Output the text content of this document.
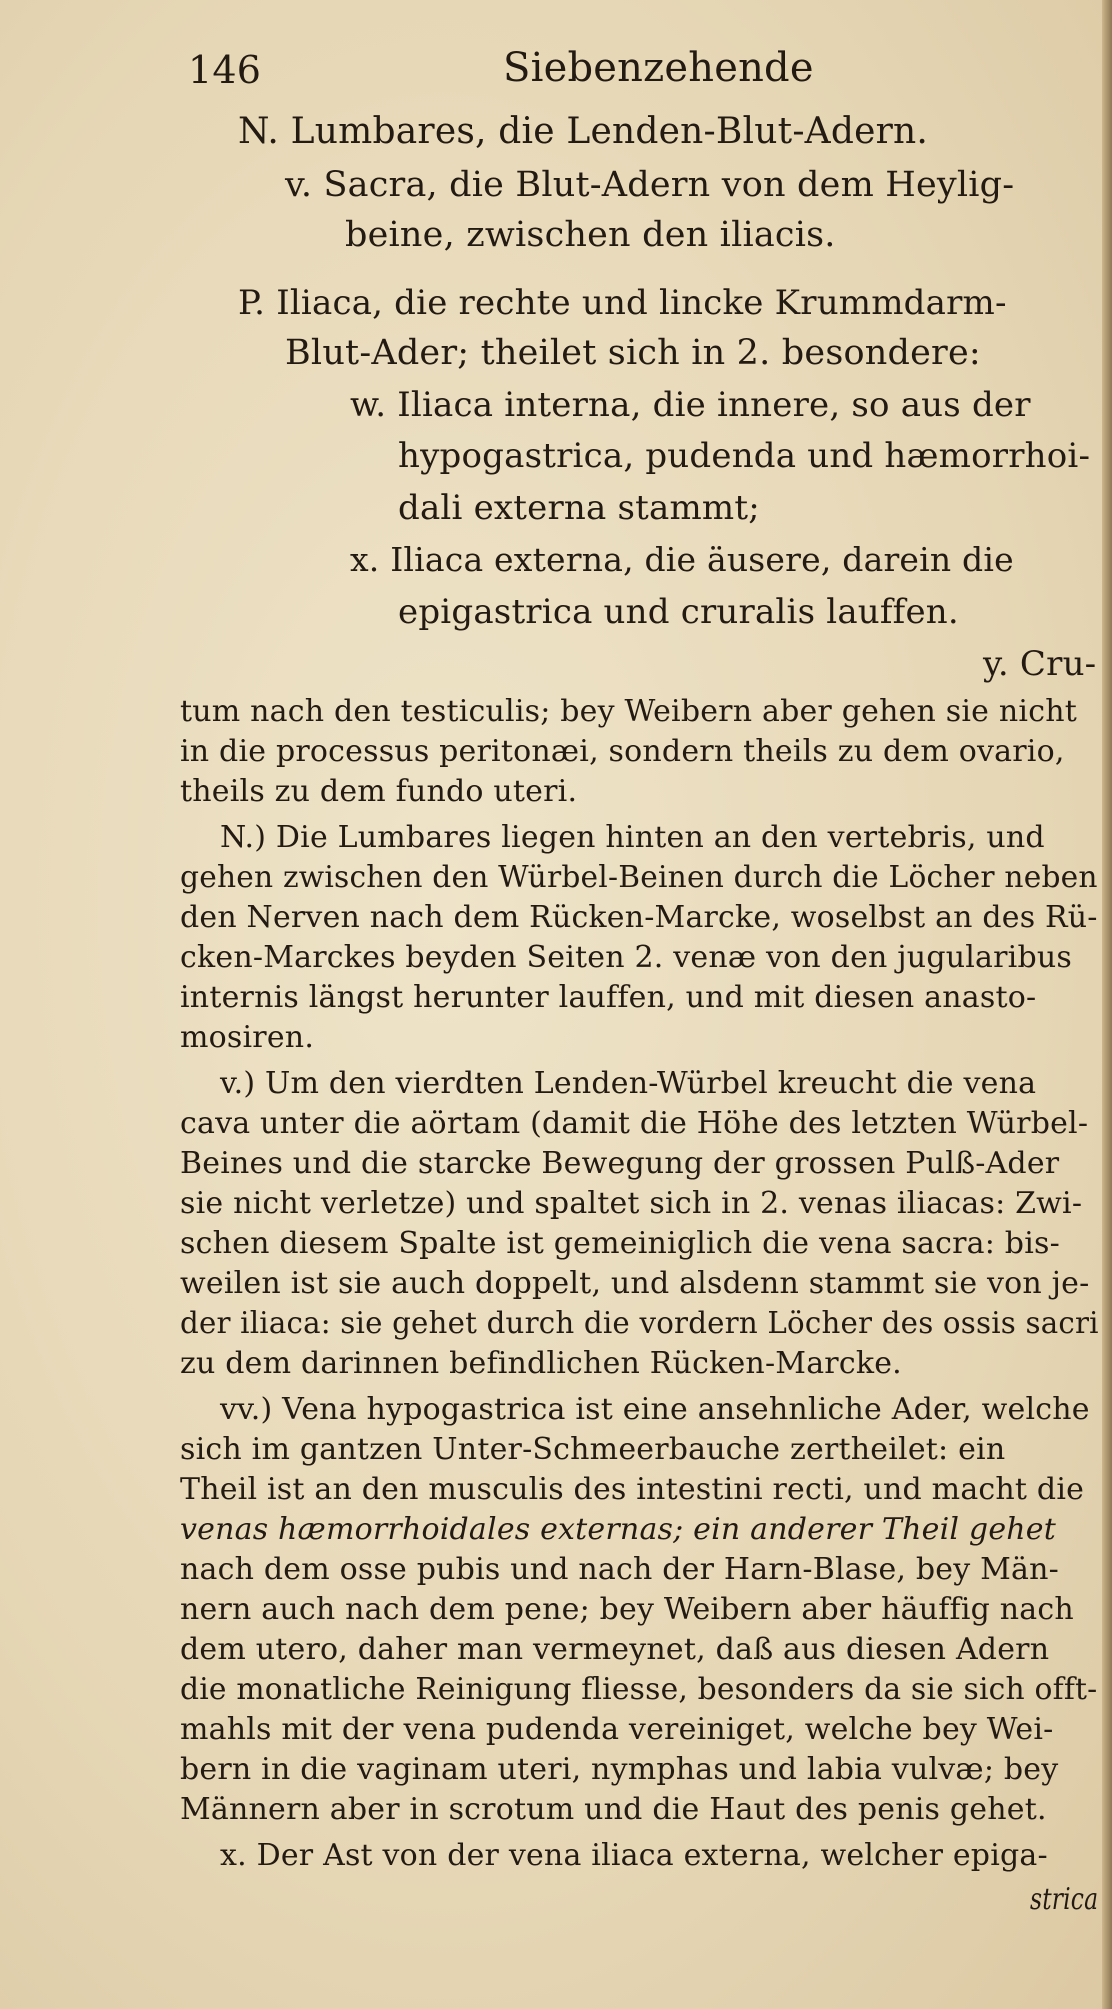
146	Siebenzehende
N. Lumbares, die Lenden-Blut-Adern.
v. Sacra, die Blut-Adern von dem Heylig-
beine, zwischen den iliacis.
P. Iliaca, die rechte und lincke Krummdarm-
Blut-Ader; theilet sich in 2. besondere:
w. Iliaca interna, die innere, so aus der
hypogastrica, pudenda und hæmorrhoi-
dali externa stammt;
x. Iliaca externa, die äusere, darein die
epigastrica und cruralis lauffen.
y. Cru-
tum nach den testiculis; bey Weibern aber gehen sie nicht
in die processus peritonæi, sondern theils zu dem ovario,
theils zu dem fundo uteri.
N.) Die Lumbares liegen hinten an den vertebris, und
gehen zwischen den Würbel-Beinen durch die Löcher neben
den Nerven nach dem Rücken-Marcke, woselbst an des Rü-
cken-Marckes beyden Seiten 2. venæ von den jugularibus
internis längst herunter lauffen, und mit diesen anasto-
mosiren.
v.) Um den vierdten Lenden-Würbel kreucht die vena
cava unter die aörtam (damit die Höhe des letzten Würbel-
Beines und die starcke Bewegung der grossen Pulß-Ader
sie nicht verletze) und spaltet sich in 2. venas iliacas: Zwi-
schen diesem Spalte ist gemeiniglich die vena sacra: bis-
weilen ist sie auch doppelt, und alsdenn stammt sie von je-
der iliaca: sie gehet durch die vordern Löcher des ossis sacri
zu dem darinnen befindlichen Rücken-Marcke.
vv.) Vena hypogastrica ist eine ansehnliche Ader, welche
sich im gantzen Unter-Schmeerbauche zertheilet: ein
Theil ist an den musculis des intestini recti, und macht die
venas hæmorrhoidales externas; ein anderer Theil gehet
nach dem osse pubis und nach der Harn-Blase, bey Män-
nern auch nach dem pene; bey Weibern aber häuffig nach
dem utero, daher man vermeynet, daß aus diesen Adern
die monatliche Reinigung fliesse, besonders da sie sich offt-
mahls mit der vena pudenda vereiniget, welche bey Wei-
bern in die vaginam uteri, nymphas und labia vulvæ; bey
Männern aber in scrotum und die Haut des penis gehet.
x. Der Ast von der vena iliaca externa, welcher epiga-
strica
